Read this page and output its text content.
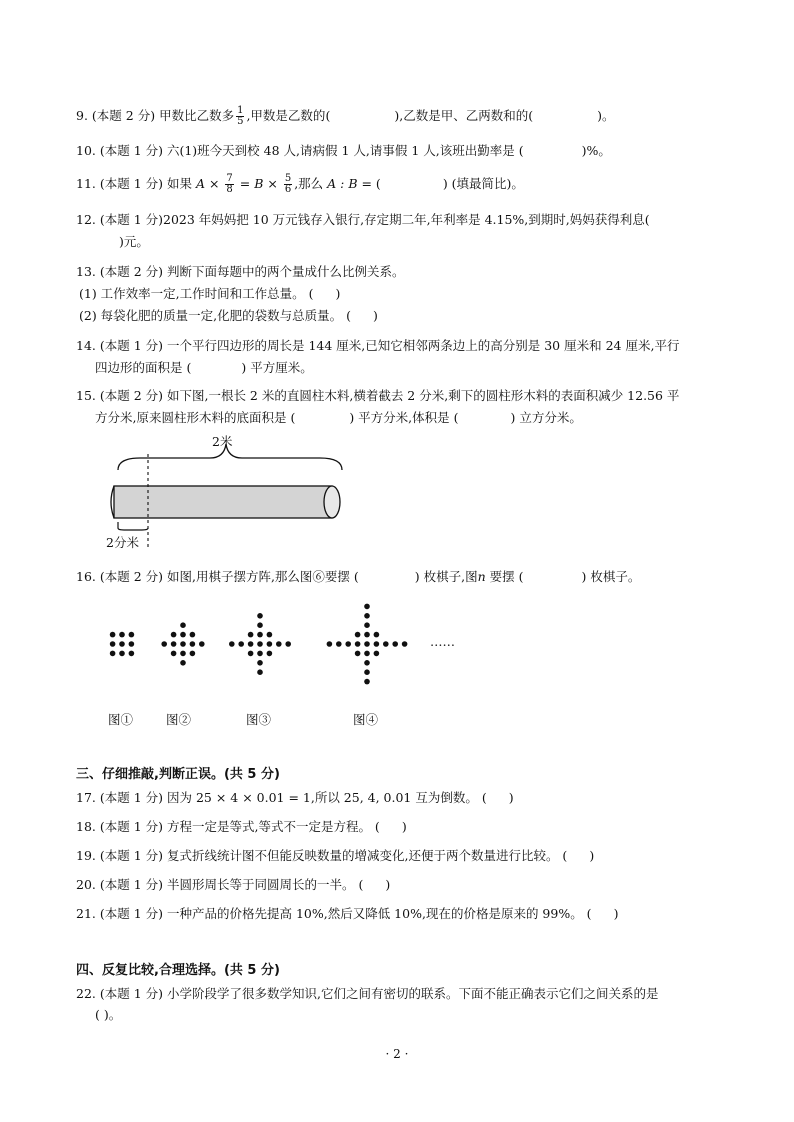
9. (本题 2 分) 甲数比乙数多 $\frac{1}{5}$ ,甲数是乙数的(	),乙数是甲、乙两数和的(	)。
10. (本题 1 分) 六(1)班今天到校 48 人,请病假 1 人,请事假 1 人,该班出勤率是 (	)%。
11. (本题 1 分) 如果 $A \times \frac{7}{8} = B \times \frac{5}{6}$ ,那么 A : B = (	) (填最简比)。
12. (本题 1 分)2023 年妈妈把 10 万元钱存入银行,存定期二年,年利率是 4.15%,到期时,妈妈获得利息(
)元。
13. (本题 2 分) 判断下面每题中的两个量成什么比例关系。
(1) 工作效率一定,工作时间和工作总量。 ( )
(2) 每袋化肥的质量一定,化肥的袋数与总质量。 ( )
14. (本题 1 分) 一个平行四边形的周长是 144 厘米,已知它相邻两条边上的高分别是 30 厘米和 24 厘米,平行
四边形的面积是 (	) 平方厘米。
15. (本题 2 分) 如下图,一根长 2 米的直圆柱木料,横着截去 2 分米,剩下的圆柱形木料的表面积减少 12.56 平
方分米,原来圆柱形木料的底面积是 (	) 平方分米,体积是 (	) 立方分米。
2米
2分米
16. (本题 2 分) 如图,用棋子摆方阵,那么图⑥要摆 (	) 枚棋子,图n 要摆 (	) 枚棋子。
……
图①	图②	图③	图④
三、仔细推敲,判断正误。(共 5 分)
17. (本题 1 分) 因为 25 × 4 × 0.01 = 1,所以 25, 4, 0.01 互为倒数。 ( )
18. (本题 1 分) 方程一定是等式,等式不一定是方程。 ( )
19. (本题 1 分) 复式折线统计图不但能反映数量的增减变化,还便于两个数量进行比较。 ( )
20. (本题 1 分) 半圆形周长等于同圆周长的一半。 ( )
21. (本题 1 分) 一种产品的价格先提高 10%,然后又降低 10%,现在的价格是原来的 99%。 ( )
四、反复比较,合理选择。(共 5 分)
22. (本题 1 分) 小学阶段学了很多数学知识,它们之间有密切的联系。下面不能正确表示它们之间关系的是
( )。
· 2 ·
